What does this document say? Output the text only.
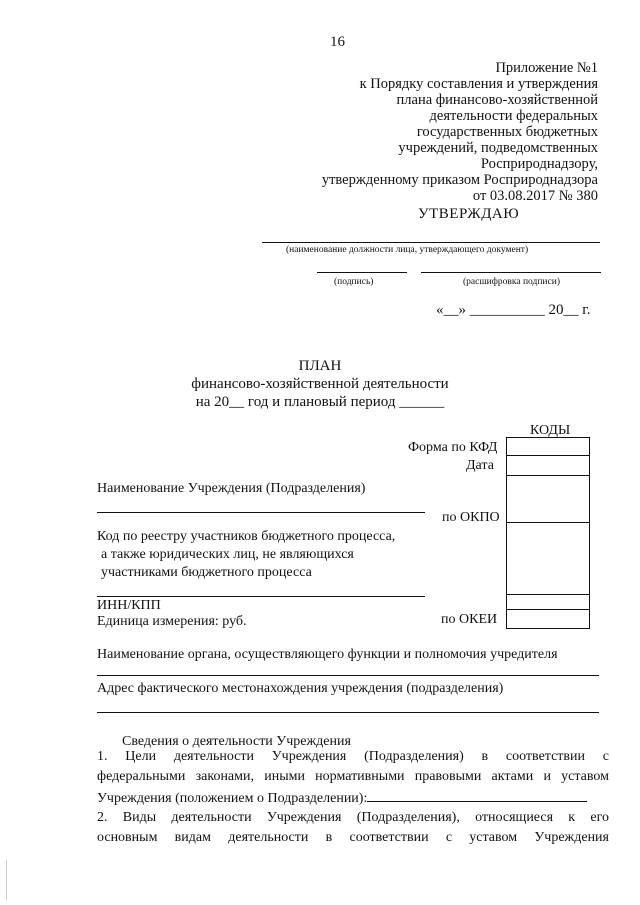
16
Приложение №1
к Порядку составления и утверждения
плана финансово-хозяйственной
деятельности федеральных
государственных бюджетных
учреждений, подведомственных
Росприроднадзору,
утвержденному приказом Росприроднадзора
от 03.08.2017 № 380
УТВЕРЖДАЮ
(наименование должности лица, утверждающего документ)
(подпись)	(расшифровка подписи)
«__» __________ 20__ г.
ПЛАН
финансово-хозяйственной деятельности
на 20__ год и плановый период ______
КОДЫ
Форма по КФД
Дата
по ОКПО
по ОКЕИ
Наименование Учреждения (Подразделения)
Код по реестру участников бюджетного процесса,
а также юридических лиц, не являющихся
участниками бюджетного процесса
ИНН/КПП
Единица измерения: руб.
Наименование органа, осуществляющего функции и полномочия учредителя
Адрес фактического местонахождения учреждения (подразделения)
Сведения о деятельности Учреждения
1. Цели деятельности Учреждения (Подразделения) в соответствии с
федеральными законами, иными нормативными правовыми актами и уставом
Учреждения (положением о Подразделении):
2. Виды деятельности Учреждения (Подразделения), относящиеся к его
основным видам деятельности в соответствии с уставом Учреждения
